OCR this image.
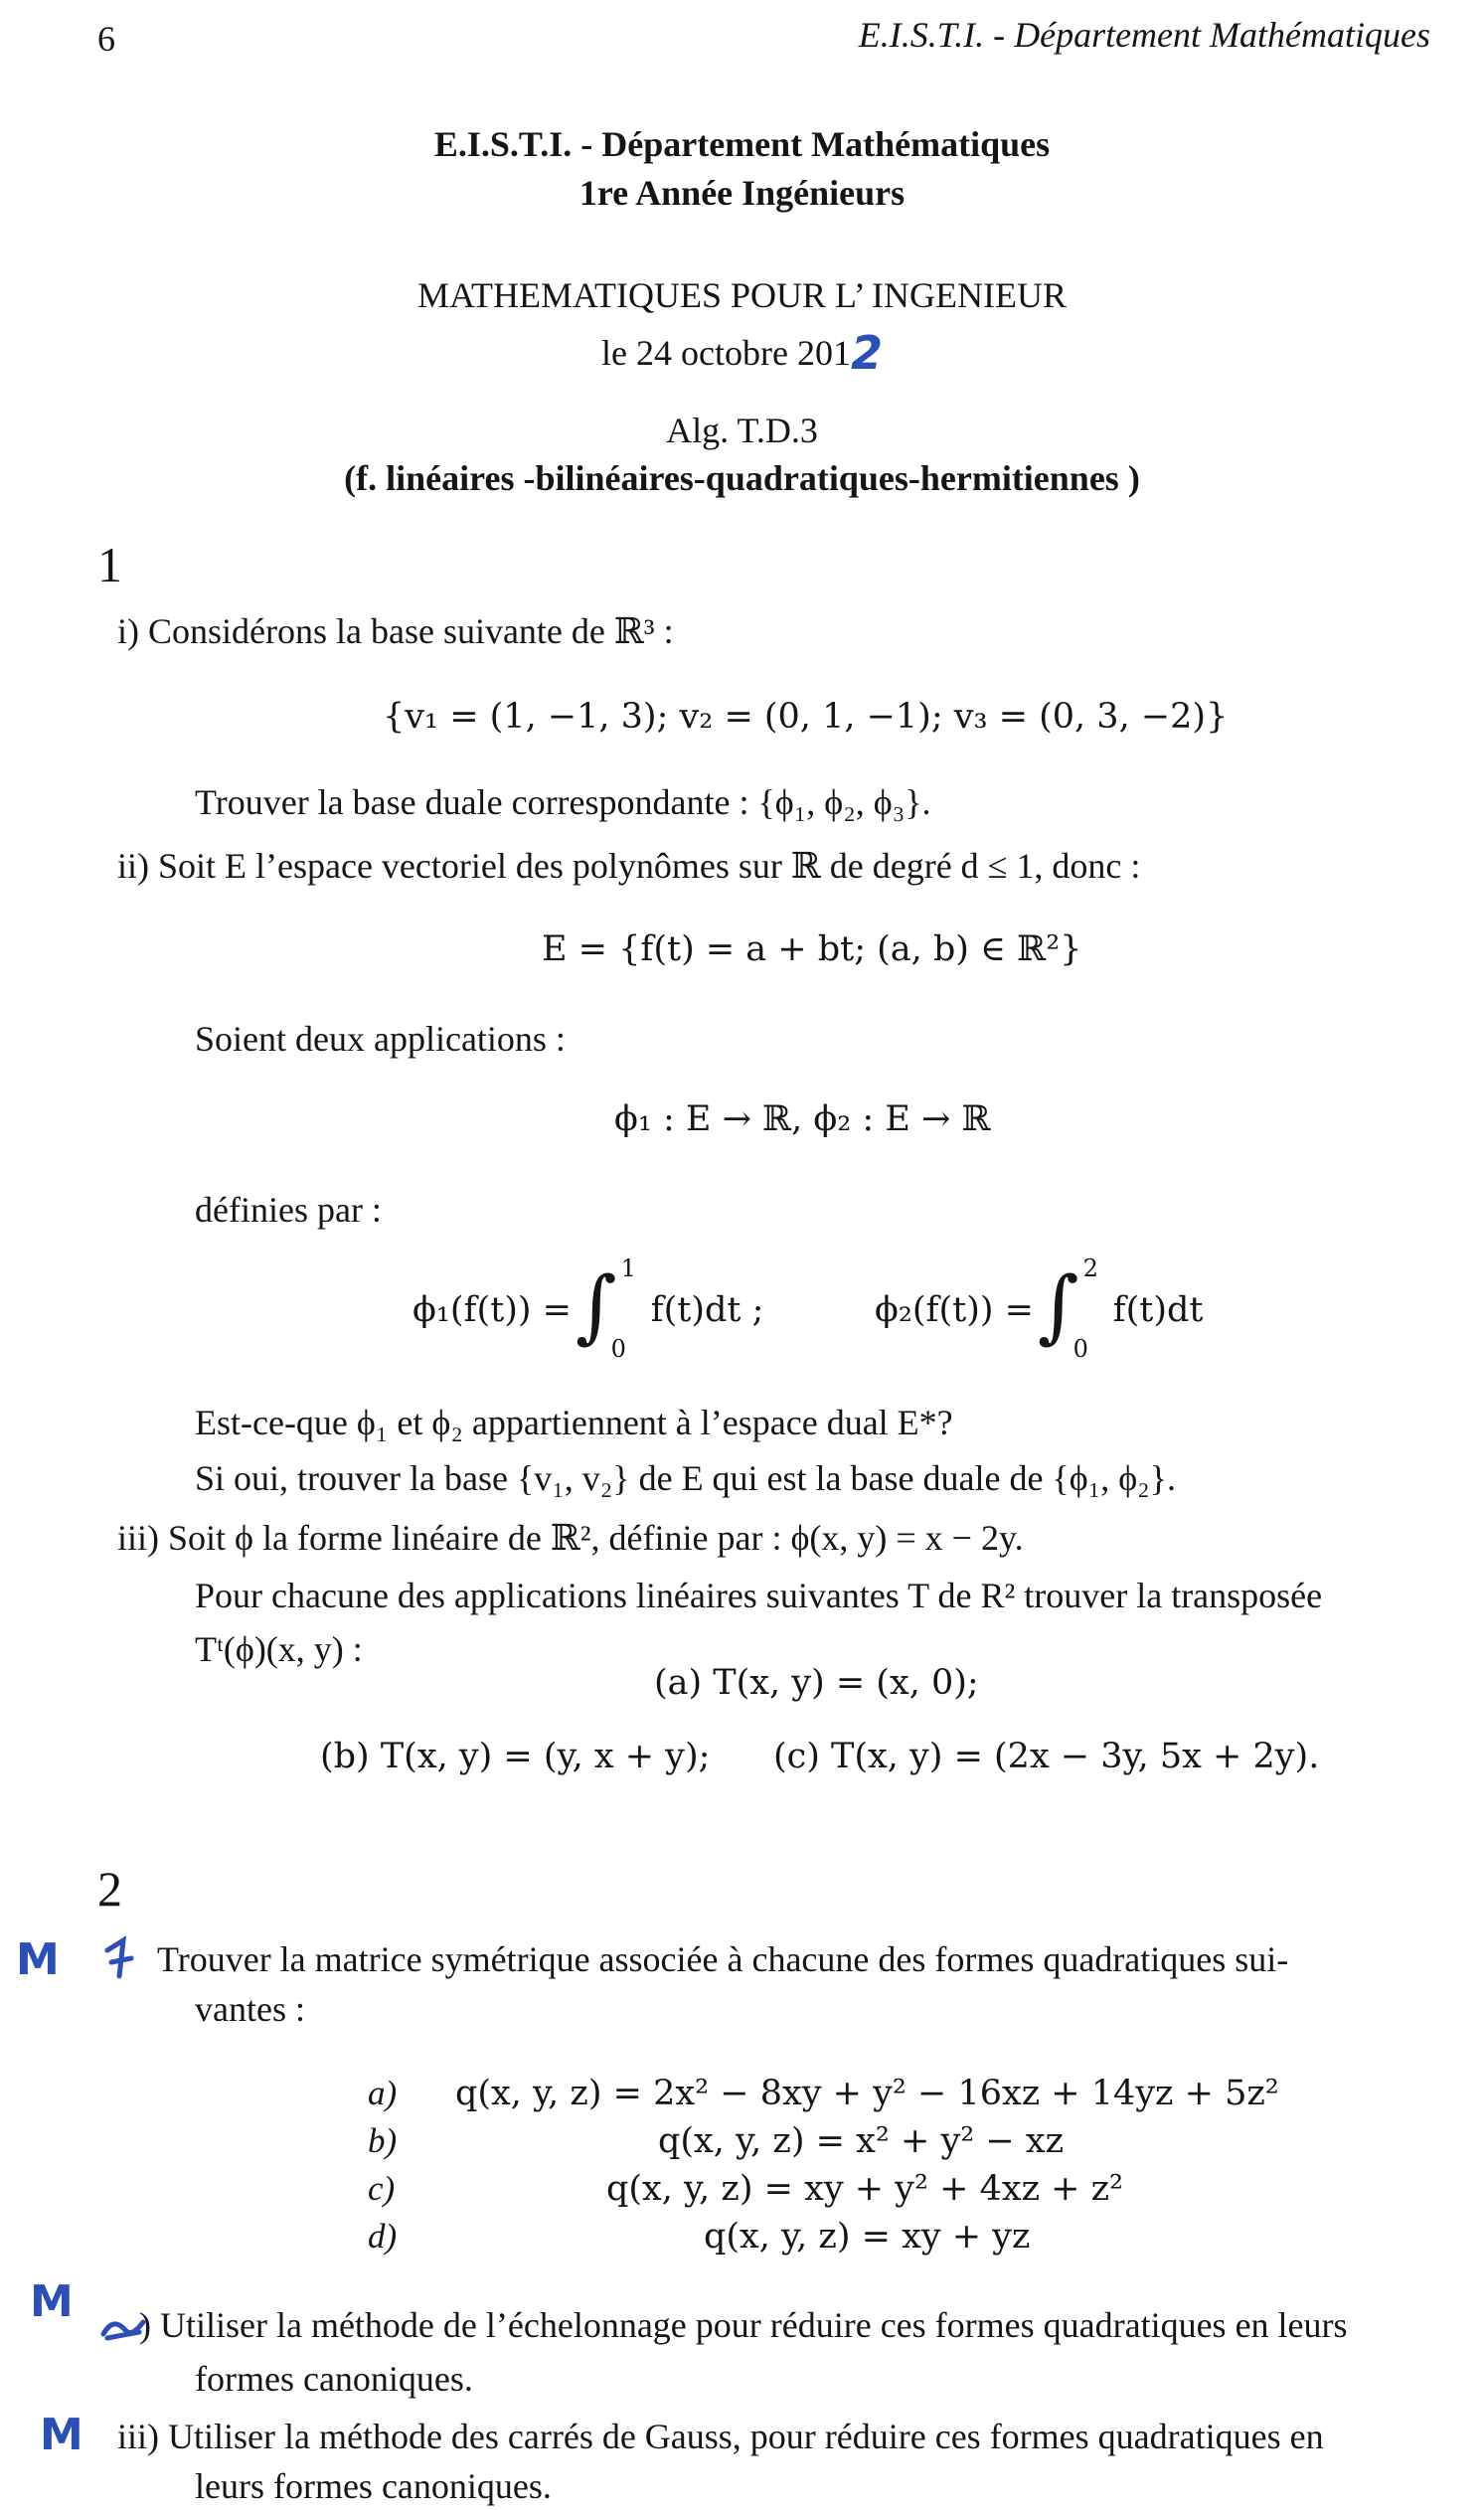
6	E.I.S.T.I. - Département Mathématiques
E.I.S.T.I. - Département Mathématiques
1re Année Ingénieurs
MATHEMATIQUES POUR L’ INGENIEUR
le 24 octobre 2012
Alg. T.D.3
(f. linéaires -bilinéaires-quadratiques-hermitiennes )
1
i) Considérons la base suivante de ℝ³ :
{v₁ = (1, −1, 3); v₂ = (0, 1, −1); v₃ = (0, 3, −2)}
Trouver la base duale correspondante : {ϕ₁, ϕ₂, ϕ₃}.
ii) Soit E l’espace vectoriel des polynômes sur ℝ de degré d ≤ 1, donc :
E = {f(t) = a + bt; (a, b) ∈ ℝ²}
Soient deux applications :
ϕ₁ : E → ℝ, ϕ₂ : E → ℝ
définies par :
ϕ₁(f(t)) = ∫ 1
0
f(t)dt ;	ϕ₂(f(t)) = ∫ 2
0
f(t)dt
Est-ce-que ϕ₁ et ϕ₂ appartiennent à l’espace dual E*?
Si oui, trouver la base {v₁, v₂} de E qui est la base duale de {ϕ₁, ϕ₂}.
iii) Soit ϕ la forme linéaire de ℝ², définie par : ϕ(x, y) = x − 2y.
Pour chacune des applications linéaires suivantes T de R² trouver la transposée
Tᵗ(ϕ)(x, y) :
(a) T(x, y) = (x, 0);
(b) T(x, y) = (y, x + y); (c) T(x, y) = (2x − 3y, 5x + 2y).
2
M	Trouver la matrice symétrique associée à chacune des formes quadratiques sui-
vantes :
a) q(x, y, z) = 2x² − 8xy + y² − 16xz + 14yz + 5z²
b)	q(x, y, z) = x² + y² − xz
c)	q(x, y, z) = xy + y² + 4xz + z²
d)	q(x, y, z) = xy + yz
M ) Utiliser la méthode de l’échelonnage pour réduire ces formes quadratiques en leurs
formes canoniques.
M iii) Utiliser la méthode des carrés de Gauss, pour réduire ces formes quadratiques en
leurs formes canoniques.
